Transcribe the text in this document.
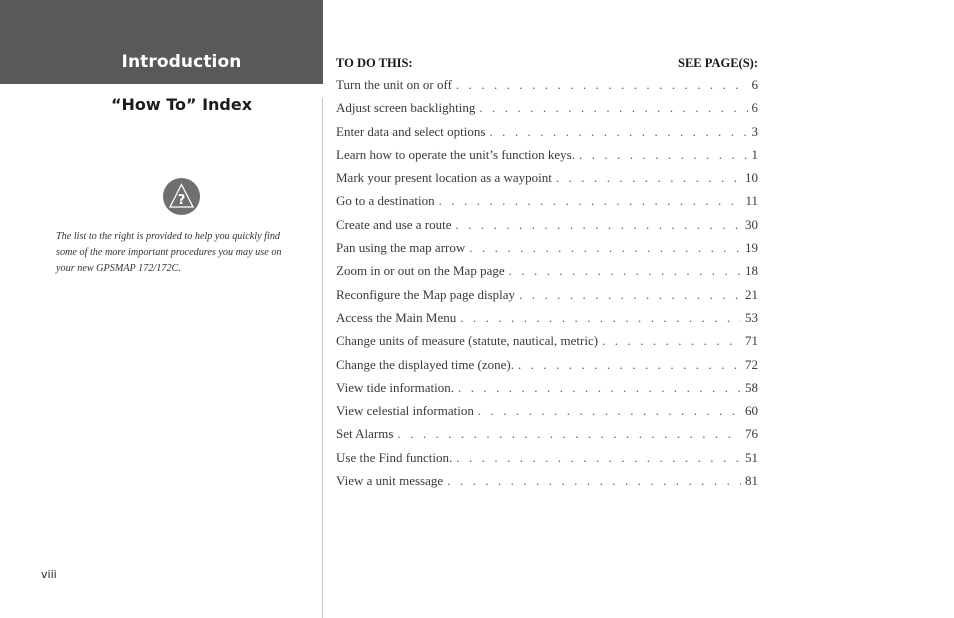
Introduction
“How To” Index
?

The list to the right is provided to help you quickly find some of the more important procedures you may use on your new GPSMAP 172/172C.

viii
TO DO THIS:	SEE PAGE(S):
Turn the unit on or off . . .	6
Adjust screen backlighting . . .	6
Enter data and select options . . .	3
Learn how to operate the unit’s function keys. . . .	1
Mark your present location as a waypoint . . .	10
Go to a destination . . .	11
Create and use a route . . .	30
Pan using the map arrow . . .	19
Zoom in or out on the Map page . . .	18
Reconfigure the Map page display . . .	21
Access the Main Menu . . .	53
Change units of measure (statute, nautical, metric) . . .	71
Change the displayed time (zone). . . .	72
View tide information. . . .	58
View celestial information . . .	60
Set Alarms . . .	76
Use the Find function. . . .	51
View a unit message . . .	81
